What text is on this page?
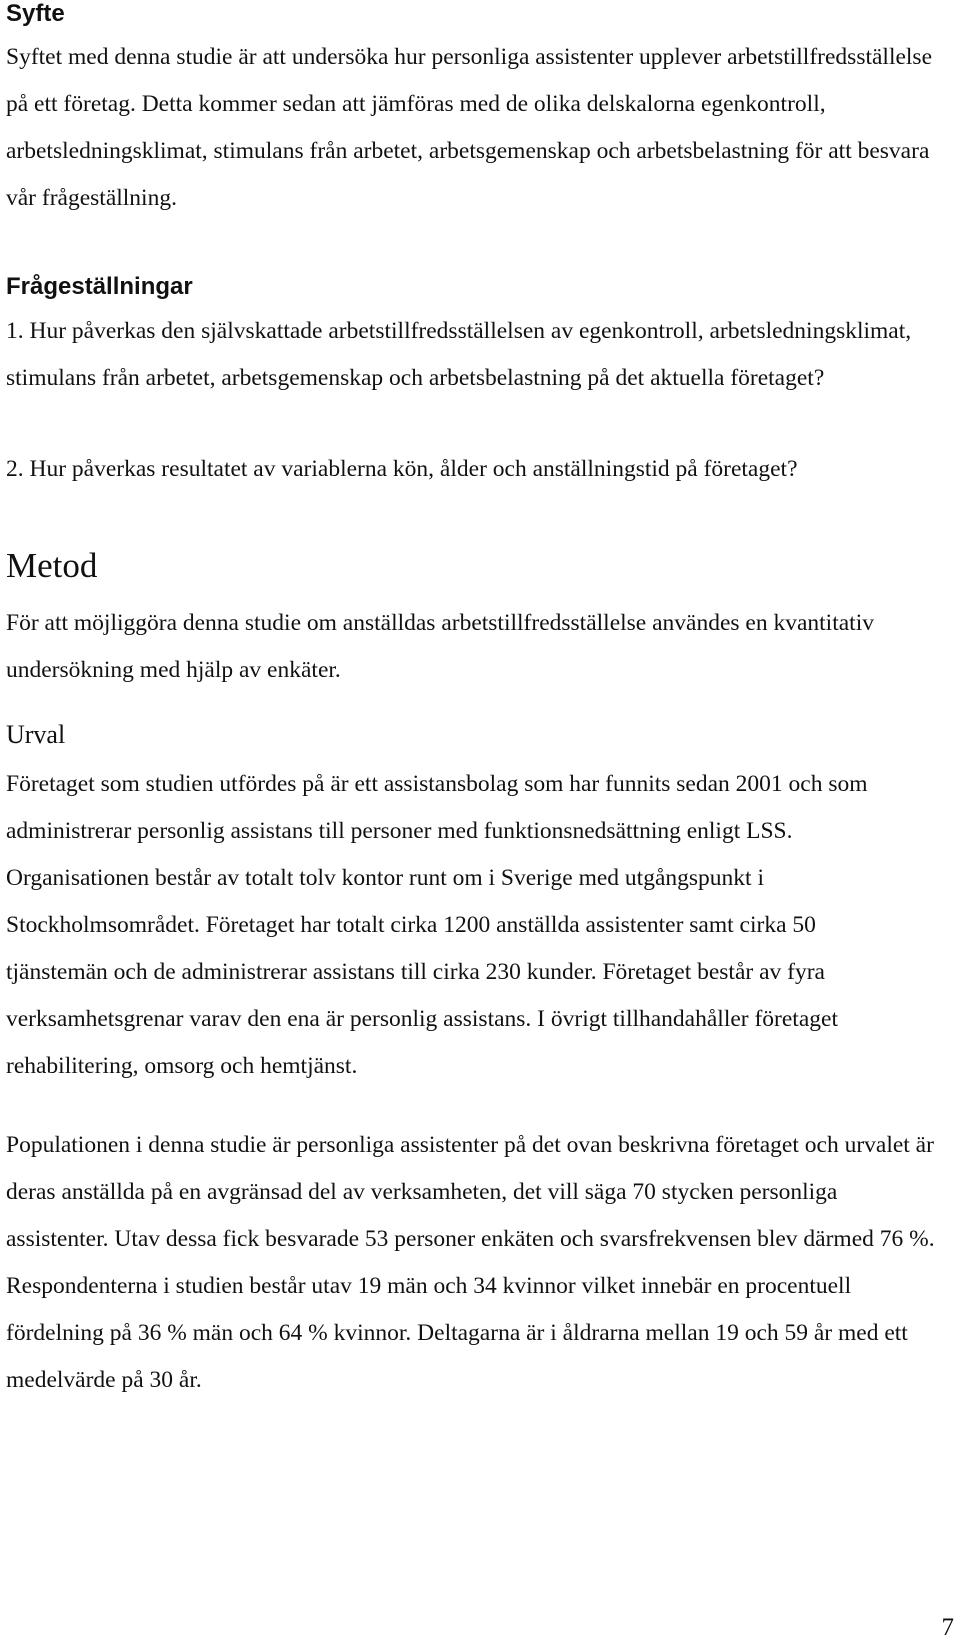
Syfte

Syftet med denna studie är att undersöka hur personliga assistenter upplever arbetstillfredsställelse på ett företag. Detta kommer sedan att jämföras med de olika delskalorna egenkontroll, arbetsledningsklimat, stimulans från arbetet, arbetsgemenskap och arbetsbelastning för att besvara vår frågeställning.

Frågeställningar

1. Hur påverkas den självskattade arbetstillfredsställelsen av egenkontroll, arbetsledningsklimat, stimulans från arbetet, arbetsgemenskap och arbetsbelastning på det aktuella företaget?

2. Hur påverkas resultatet av variablerna kön, ålder och anställningstid på företaget?

Metod

För att möjliggöra denna studie om anställdas arbetstillfredsställelse användes en kvantitativ undersökning med hjälp av enkäter.

Urval

Företaget som studien utfördes på är ett assistansbolag som har funnits sedan 2001 och som administrerar personlig assistans till personer med funktionsnedsättning enligt LSS. Organisationen består av totalt tolv kontor runt om i Sverige med utgångspunkt i Stockholmsområdet. Företaget har totalt cirka 1200 anställda assistenter samt cirka 50 tjänstemän och de administrerar assistans till cirka 230 kunder. Företaget består av fyra verksamhetsgrenar varav den ena är personlig assistans. I övrigt tillhandahåller företaget rehabilitering, omsorg och hemtjänst.

Populationen i denna studie är personliga assistenter på det ovan beskrivna företaget och urvalet är deras anställda på en avgränsad del av verksamheten, det vill säga 70 stycken personliga assistenter. Utav dessa fick besvarade 53 personer enkäten och svarsfrekvensen blev därmed 76 %. Respondenterna i studien består utav 19 män och 34 kvinnor vilket innebär en procentuell fördelning på 36 % män och 64 % kvinnor. Deltagarna är i åldrarna mellan 19 och 59 år med ett medelvärde på 30 år.

7
